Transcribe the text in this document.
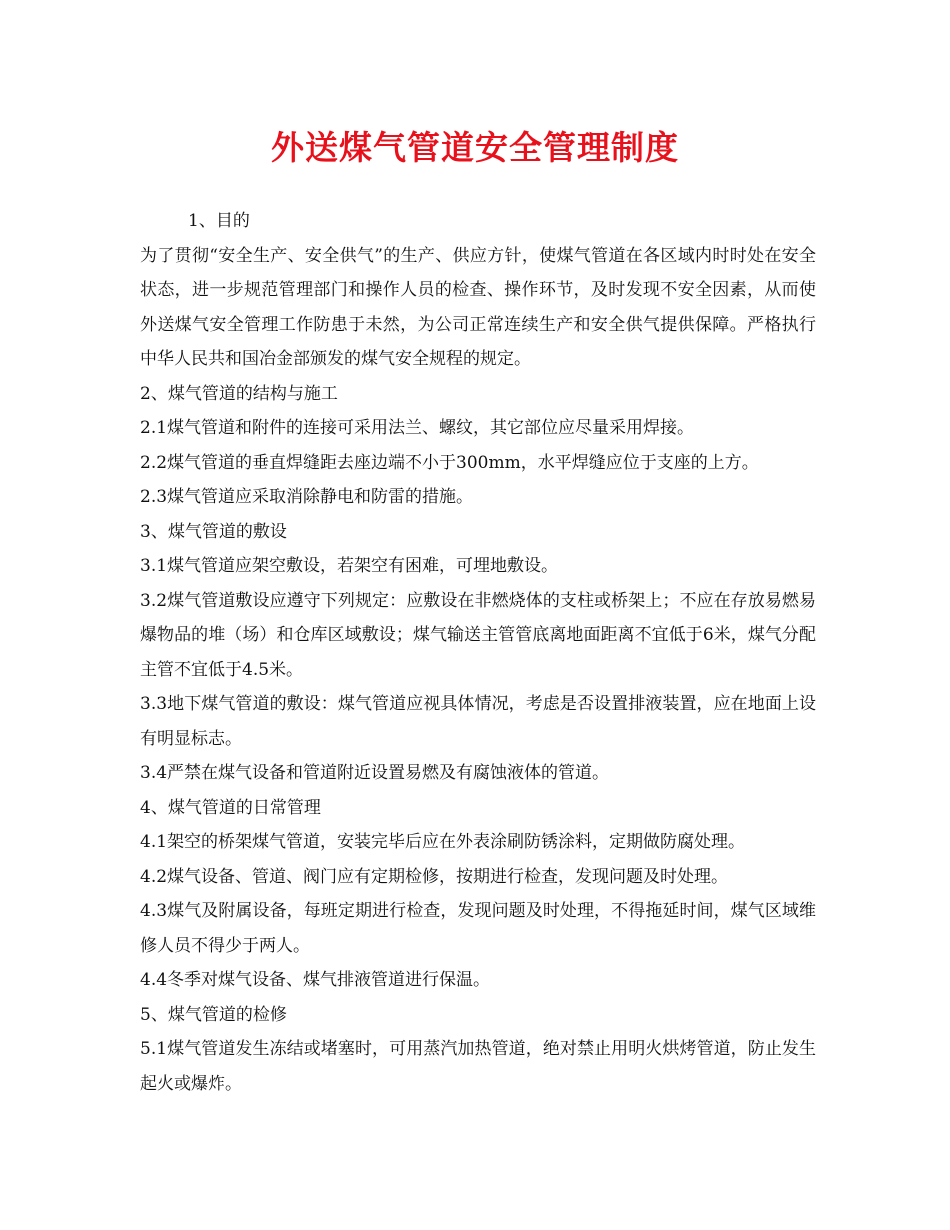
外送煤气管道安全管理制度

1、目的

为了贯彻“安全生产、安全供气”的生产、供应方针，使煤气管道在各区域内时时处在安全状态，进一步规范管理部门和操作人员的检查、操作环节，及时发现不安全因素，从而使外送煤气安全管理工作防患于未然，为公司正常连续生产和安全供气提供保障。严格执行中华人民共和国冶金部颁发的煤气安全规程的规定。

2、煤气管道的结构与施工

2.1煤气管道和附件的连接可采用法兰、螺纹，其它部位应尽量采用焊接。

2.2煤气管道的垂直焊缝距去座边端不小于300mm，水平焊缝应位于支座的上方。

2.3煤气管道应采取消除静电和防雷的措施。

3、煤气管道的敷设

3.1煤气管道应架空敷设，若架空有困难，可埋地敷设。

3.2煤气管道敷设应遵守下列规定：应敷设在非燃烧体的支柱或桥架上；不应在存放易燃易爆物品的堆（场）和仓库区域敷设；煤气输送主管管底离地面距离不宜低于6米，煤气分配主管不宜低于4.5米。

3.3地下煤气管道的敷设：煤气管道应视具体情况，考虑是否设置排液装置，应在地面上设有明显标志。

3.4严禁在煤气设备和管道附近设置易燃及有腐蚀液体的管道。

4、煤气管道的日常管理

4.1架空的桥架煤气管道，安装完毕后应在外表涂刷防锈涂料，定期做防腐处理。

4.2煤气设备、管道、阀门应有定期检修，按期进行检查，发现问题及时处理。

4.3煤气及附属设备，每班定期进行检查，发现问题及时处理，不得拖延时间，煤气区域维修人员不得少于两人。

4.4冬季对煤气设备、煤气排液管道进行保温。

5、煤气管道的检修

5.1煤气管道发生冻结或堵塞时，可用蒸汽加热管道，绝对禁止用明火烘烤管道，防止发生起火或爆炸。
